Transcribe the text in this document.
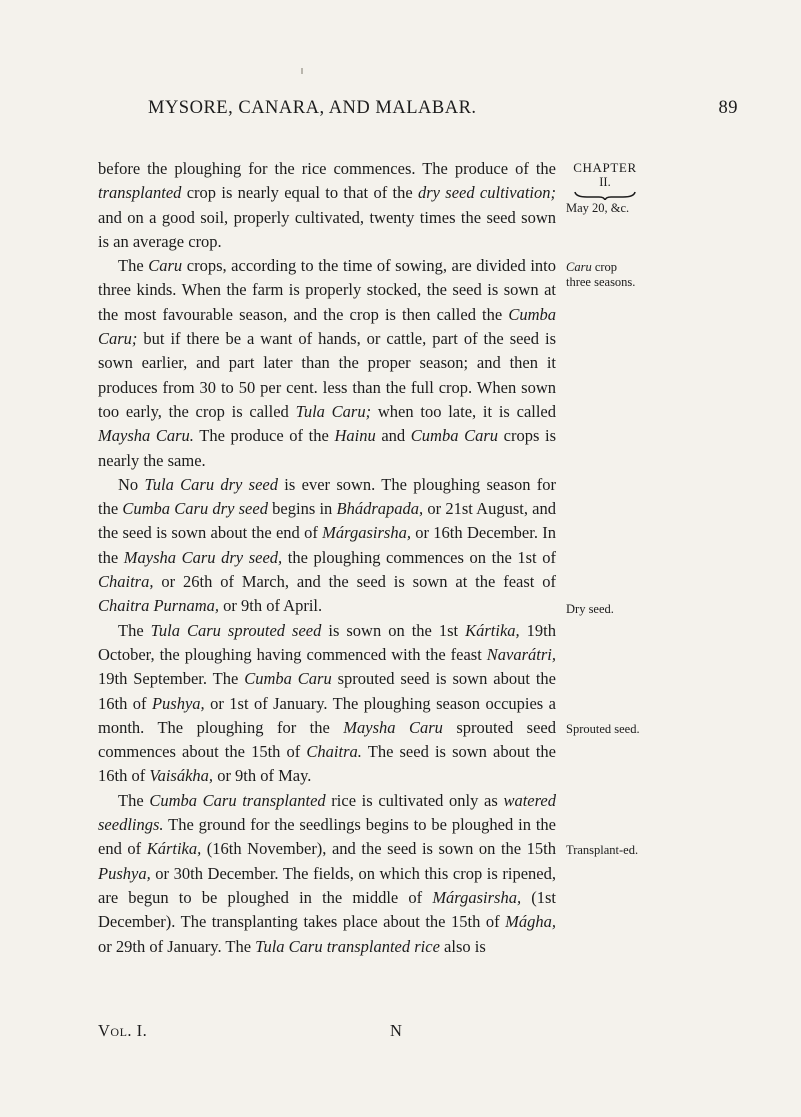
MYSORE, CANARA, AND MALABAR.	89

before the ploughing for the rice commences. The produce of the transplanted crop is nearly equal to that of the dry seed cultivation; and on a good soil, properly cultivated, twenty times the seed sown is an average crop.

The Caru crops, according to the time of sowing, are divided into three kinds. When the farm is properly stocked, the seed is sown at the most favourable season, and the crop is then called the Cumba Caru; but if there be a want of hands, or cattle, part of the seed is sown earlier, and part later than the proper season; and then it produces from 30 to 50 per cent. less than the full crop. When sown too early, the crop is called Tula Caru; when too late, it is called Maysha Caru. The produce of the Hainu and Cumba Caru crops is nearly the same.

No Tula Caru dry seed is ever sown. The ploughing season for the Cumba Caru dry seed begins in Bhádrapada, or 21st August, and the seed is sown about the end of Márgasirsha, or 16th December. In the Maysha Caru dry seed, the ploughing commences on the 1st of Chaitra, or 26th of March, and the seed is sown at the feast of Chaitra Purnama, or 9th of April.

The Tula Caru sprouted seed is sown on the 1st Kártika, 19th October, the ploughing having commenced with the feast Navarátri, 19th September. The Cumba Caru sprouted seed is sown about the 16th of Pushya, or 1st of January. The ploughing season occupies a month. The ploughing for the Maysha Caru sprouted seed commences about the 15th of Chaitra. The seed is sown about the 16th of Vaisákha, or 9th of May.

The Cumba Caru transplanted rice is cultivated only as watered seedlings. The ground for the seedlings begins to be ploughed in the end of Kártika, (16th November), and the seed is sown on the 15th Pushya, or 30th December. The fields, on which this crop is ripened, are begun to be ploughed in the middle of Márgasirsha, (1st December). The transplanting takes place about the 15th of Mágha, or 29th of January. The Tula Caru transplanted rice also is

CHAPTER
II.
May 20, &c.
Caru crop three seasons.
Dry seed.
Sprouted seed.
Transplant-ed.
Vol. I.	N
